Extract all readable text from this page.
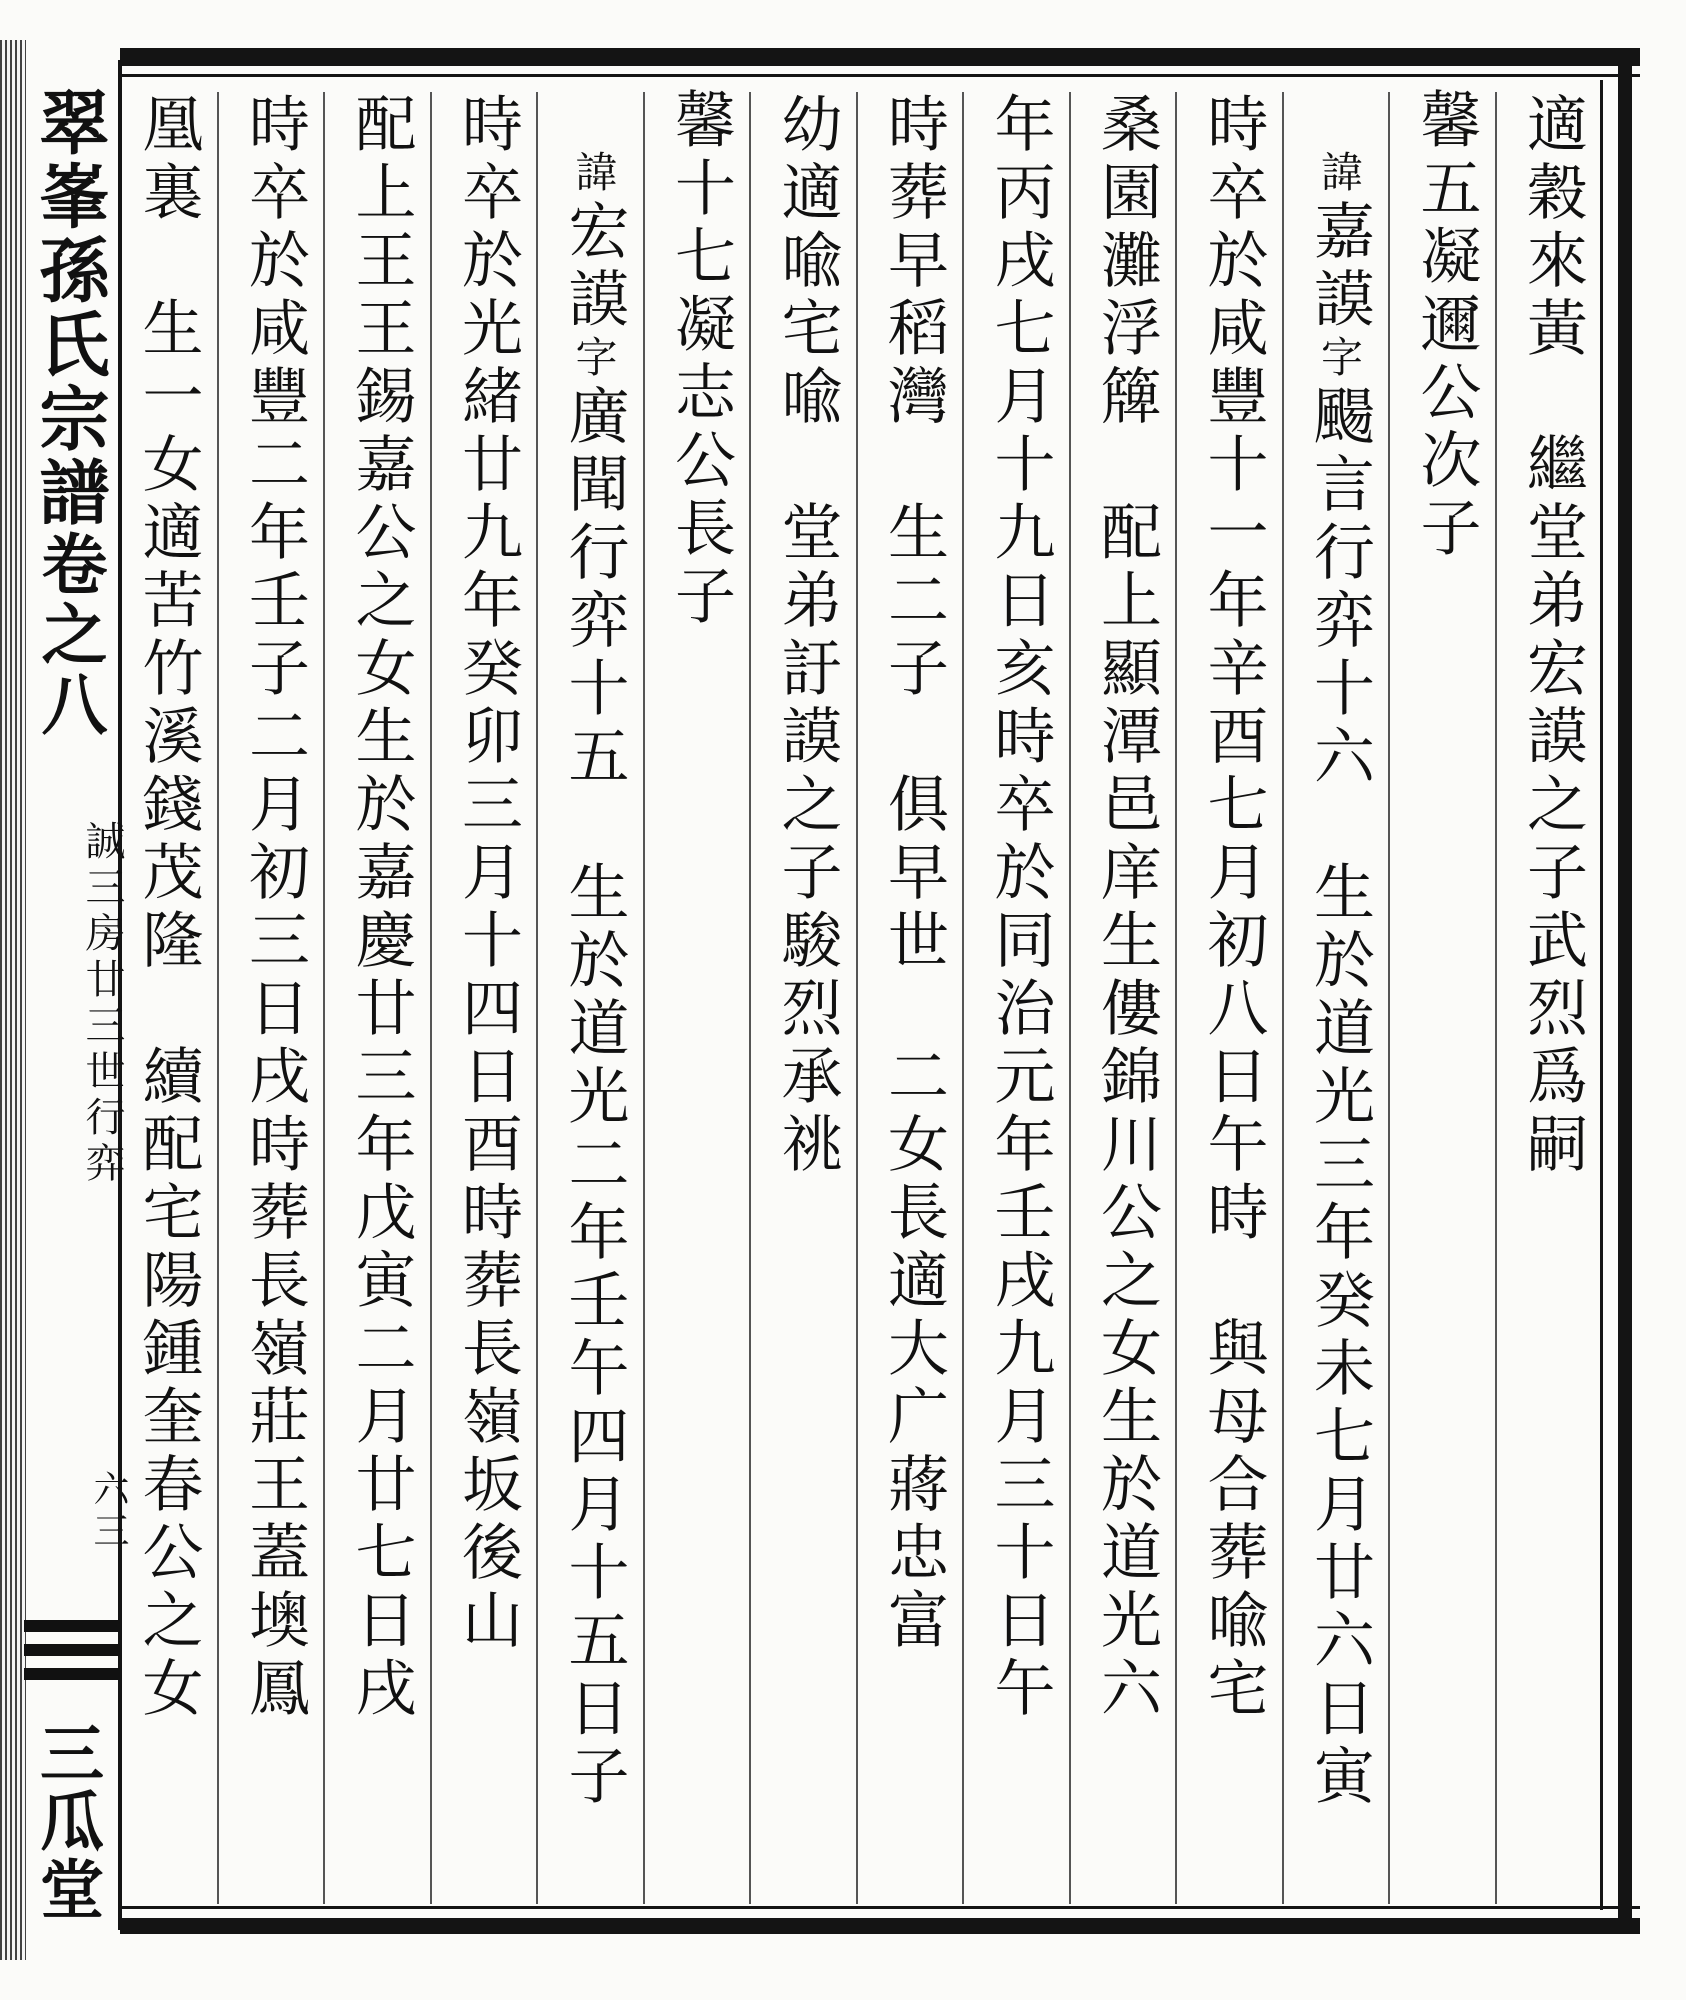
翠峯孫氏宗譜卷之八
誠三房廿三世行弈
六三
三瓜堂
適穀來黃　繼堂弟宏謨之子武烈爲嗣
馨五凝邇公次子
諱嘉謨字颺言行弈十六　生於道光三年癸未七月廿六日寅
時卒於咸豐十一年辛酉七月初八日午時　與母合葬喩宅
桑園灘浮簰　配上顯潭邑庠生僂錦川公之女生於道光六
年丙戌七月十九日亥時卒於同治元年壬戌九月三十日午
時葬早稻灣　生二子　俱早世　二女長適大广蔣忠富
幼適喩宅喩　堂弟訏謨之子駿烈承祧
馨十七凝志公長子
諱宏謨字廣聞行弈十五　生於道光二年壬午四月十五日子
時卒於光緒廿九年癸卯三月十四日酉時葬長嶺坂後山
配上王王錫嘉公之女生於嘉慶廿三年戊寅二月廿七日戌
時卒於咸豐二年壬子二月初三日戌時葬長嶺莊王蓋墺鳳
凰裏　生一女適苦竹溪錢茂隆　續配宅陽鍾奎春公之女
